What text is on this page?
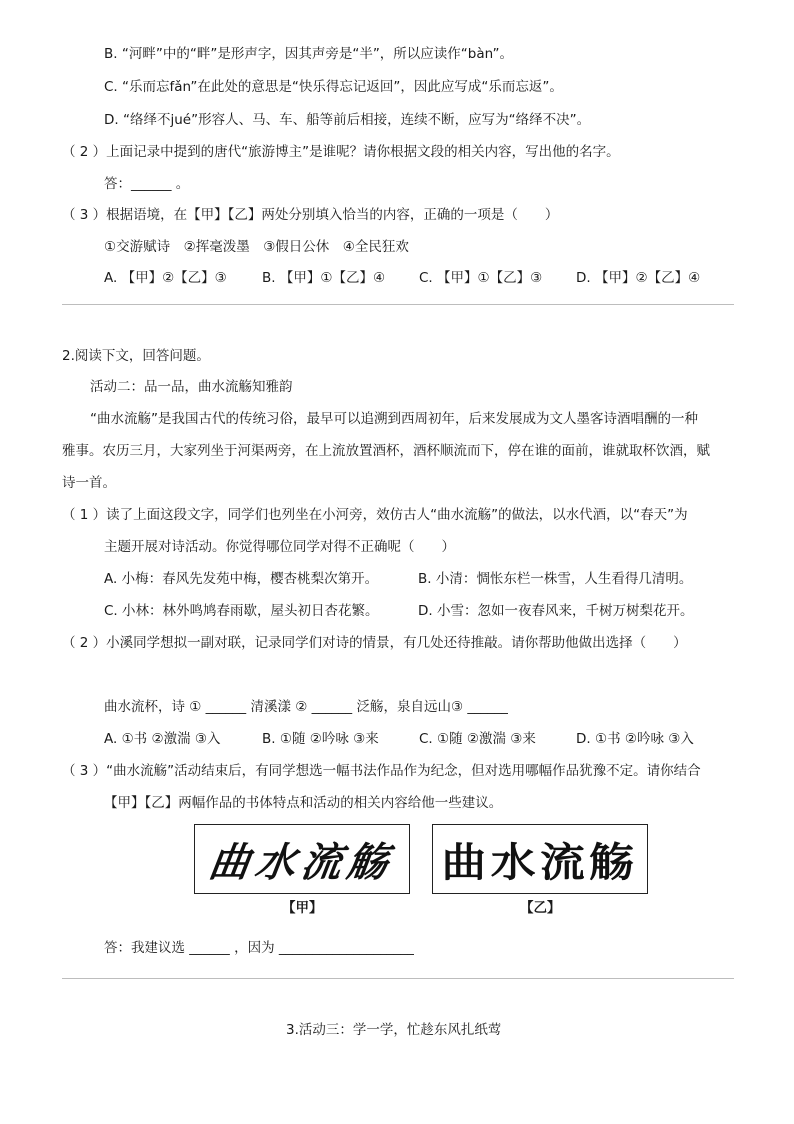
B. “河畔”中的“畔”是形声字，因其声旁是“半”，所以应读作“bàn”。
C. “乐而忘fǎn”在此处的意思是“快乐得忘记返回”，因此应写成“乐而忘返”。
D. “络绎不jué”形容人、马、车、船等前后相接，连续不断，应写为“络绎不决”。
（ 2 ）上面记录中提到的唐代“旅游博主”是谁呢？请你根据文段的相关内容，写出他的名字。
答：______ 。
（ 3 ）根据语境，在【甲】【乙】两处分别填入恰当的内容，正确的一项是（　　）
①交游赋诗　②挥毫泼墨　③假日公休　④全民狂欢
A. 【甲】②【乙】③	B. 【甲】①【乙】④	C. 【甲】①【乙】③	D. 【甲】②【乙】④
2.阅读下文，回答问题。
活动二：品一品，曲水流觞知雅韵
“曲水流觞”是我国古代的传统习俗，最早可以追溯到西周初年，后来发展成为文人墨客诗酒唱酬的一种
雅事。农历三月，大家列坐于河渠两旁，在上流放置酒杯，酒杯顺流而下，停在谁的面前，谁就取杯饮酒，赋
诗一首。
（ 1 ）读了上面这段文字，同学们也列坐在小河旁，效仿古人“曲水流觞”的做法，以水代酒，以“春天”为
主题开展对诗活动。你觉得哪位同学对得不正确呢（　　）
A. 小梅：春风先发苑中梅，樱杏桃梨次第开。	B. 小清：惆怅东栏一株雪，人生看得几清明。
C. 小林：林外鸣鸠春雨歇，屋头初日杏花繁。	D. 小雪：忽如一夜春风来，千树万树梨花开。
（ 2 ）小溪同学想拟一副对联，记录同学们对诗的情景，有几处还待推敲。请你帮助他做出选择（　　）
曲水流杯，诗 ① ______ 清溪漾 ② ______ 泛觞，泉自远山③ ______
A. ①书 ②激湍 ③入	B. ①随 ②吟咏 ③来	C. ①随 ②激湍 ③来	D. ①书 ②吟咏 ③入
（ 3 ）“曲水流觞”活动结束后，有同学想选一幅书法作品作为纪念，但对选用哪幅作品犹豫不定。请你结合
【甲】【乙】两幅作品的书体特点和活动的相关内容给他一些建议。
曲水流觞 曲水流觞
【甲】	【乙】
答：我建议选 ______ ，因为 ____________________
3.活动三：学一学，忙趁东风扎纸莺
